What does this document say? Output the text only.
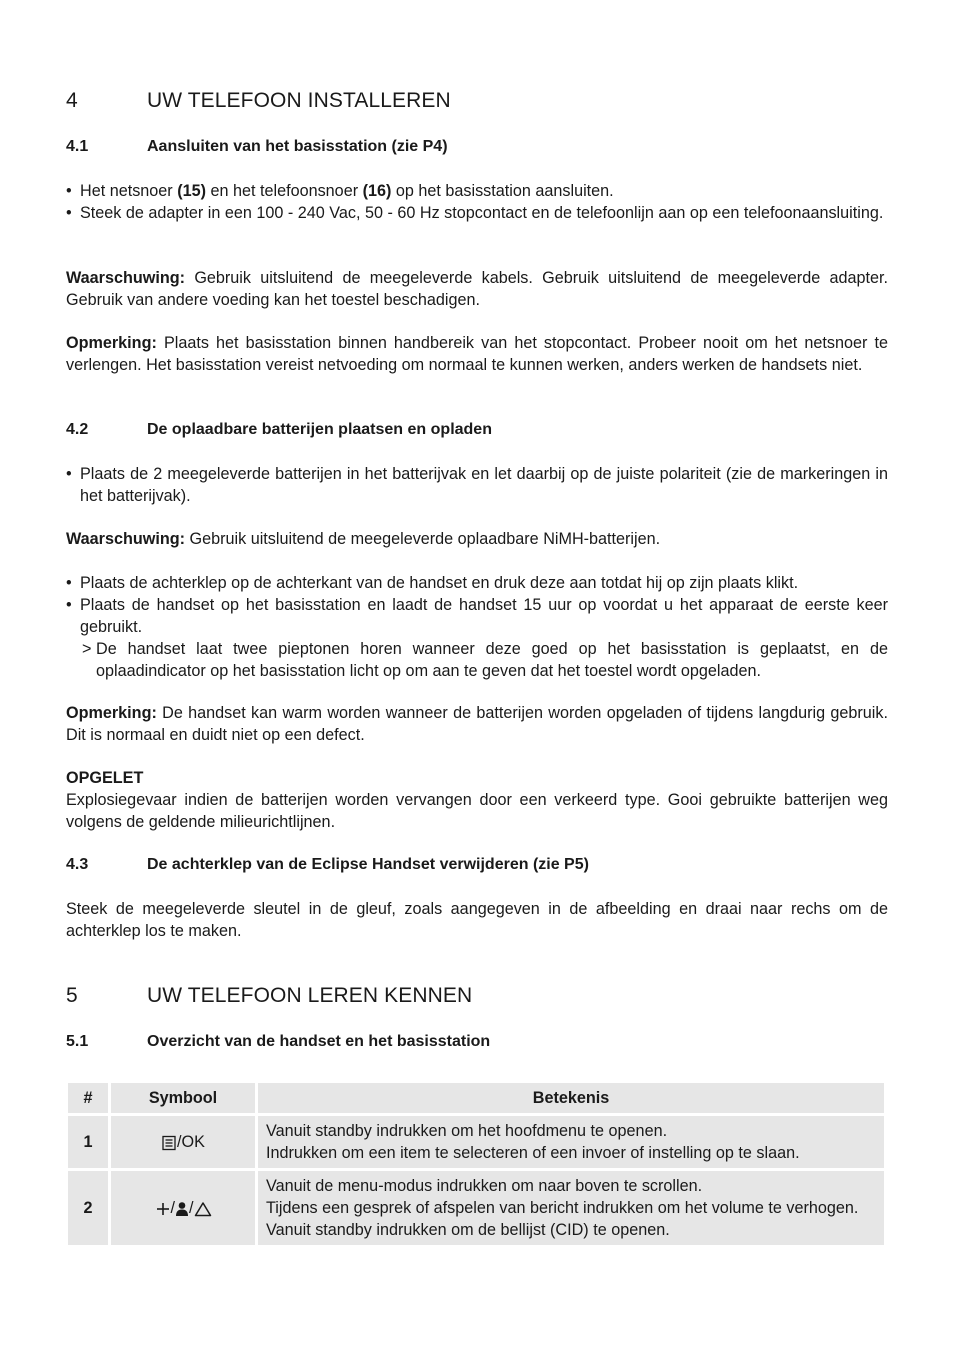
4	UW TELEFOON INSTALLEREN
4.1	Aansluiten van het basisstation (zie P4)
• Het netsnoer (15) en het telefoonsnoer (16) op het basisstation aansluiten.
• Steek de adapter in een 100 - 240 Vac, 50 - 60 Hz stopcontact en de telefoonlijn aan op een telefoonaansluiting.

Waarschuwing: Gebruik uitsluitend de meegeleverde kabels. Gebruik uitsluitend de meegeleverde adapter. Gebruik van andere voeding kan het toestel beschadigen.

Opmerking: Plaats het basisstation binnen handbereik van het stopcontact. Probeer nooit om het netsnoer te verlengen. Het basisstation vereist netvoeding om normaal te kunnen werken, anders werken de handsets niet.

4.2	De oplaadbare batterijen plaatsen en opladen
• Plaats de 2 meegeleverde batterijen in het batterijvak en let daarbij op de juiste polariteit (zie de markeringen in het batterijvak).

Waarschuwing: Gebruik uitsluitend de meegeleverde oplaadbare NiMH-batterijen.

• Plaats de achterklep op de achterkant van de handset en druk deze aan totdat hij op zijn plaats klikt.
• Plaats de handset op het basisstation en laadt de handset 15 uur op voordat u het apparaat de eerste keer gebruikt.
> De handset laat twee pieptonen horen wanneer deze goed op het basisstation is geplaatst, en de oplaadindicator op het basisstation licht op om aan te geven dat het toestel wordt opgeladen.

Opmerking: De handset kan warm worden wanneer de batterijen worden opgeladen of tijdens langdurig gebruik. Dit is normaal en duidt niet op een defect.

OPGELET
Explosiegevaar indien de batterijen worden vervangen door een verkeerd type. Gooi gebruikte batterijen weg volgens de geldende milieurichtlijnen.
4.3	De achterklep van de Eclipse Handset verwijderen (zie P5)

Steek de meegeleverde sleutel in de gleuf, zoals aangegeven in de afbeelding en draai naar rechs om de achterklep los te maken.

5	UW TELEFOON LEREN KENNEN
5.1	Overzicht van de handset en het basisstation
#	Symbool	Betekenis
1	/OK	Vanuit standby indrukken om het hoofdmenu te openen.
Indrukken om een item te selecteren of een invoer of instelling op te slaan.

2	/ /	Vanuit de menu-modus indrukken om naar boven te scrollen.
Tijdens een gesprek of afspelen van bericht indrukken om het volume te verhogen.
Vanuit standby indrukken om de bellijst (CID) te openen.
